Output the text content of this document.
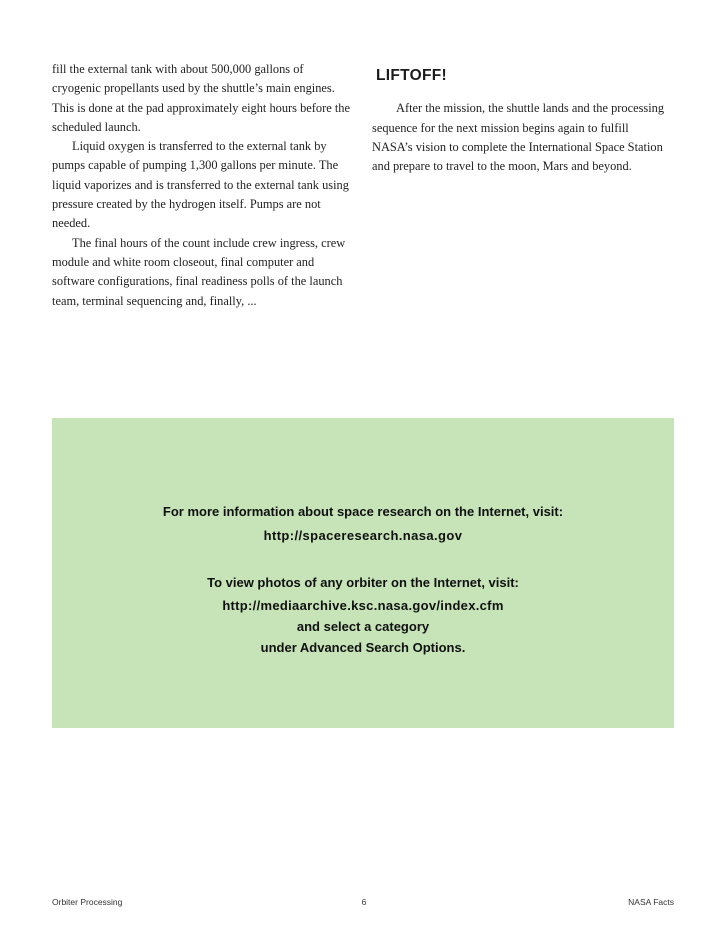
fill the external tank with about 500,000 gallons of cryogenic propellants used by the shuttle’s main engines. This is done at the pad approximately eight hours before the scheduled launch.

Liquid oxygen is transferred to the external tank by pumps capable of pumping 1,300 gallons per minute. The liquid vaporizes and is transferred to the external tank using pressure created by the hydrogen itself. Pumps are not needed.

The final hours of the count include crew ingress, crew module and white room closeout, final computer and software configurations, final readiness polls of the launch team, terminal sequencing and, finally, ...

LIFTOFF!

After the mission, the shuttle lands and the processing sequence for the next mission begins again to fulfill NASA’s vision to complete the International Space Station and prepare to travel to the moon, Mars and beyond.

For more information about space research on the Internet, visit:
http://spaceresearch.nasa.gov
To view photos of any orbiter on the Internet, visit:
http://mediaarchive.ksc.nasa.gov/index.cfm
and select a category
under Advanced Search Options.
Orbiter Processing	6	NASA Facts
